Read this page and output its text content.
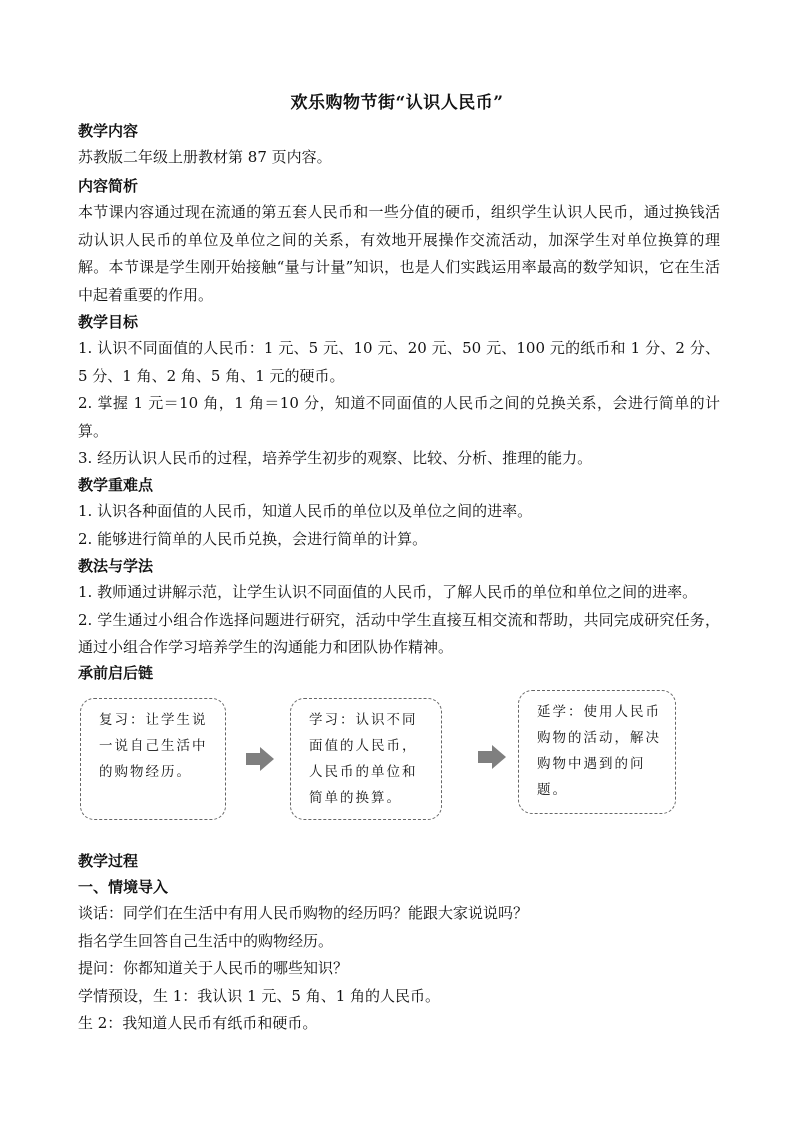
欢乐购物节街“认识人民币”
教学内容
苏教版二年级上册教材第 87 页内容。
内容简析
本节课内容通过现在流通的第五套人民币和一些分值的硬币，组织学生认识人民币，通过换钱活动认识人民币的单位及单位之间的关系，有效地开展操作交流活动，加深学生对单位换算的理解。本节课是学生刚开始接触“量与计量”知识，也是人们实践运用率最高的数学知识，它在生活中起着重要的作用。
教学目标
1. 认识不同面值的人民币：1 元、5 元、10 元、20 元、50 元、100 元的纸币和 1 分、2 分、5 分、1 角、2 角、5 角、1 元的硬币。
2. 掌握 1 元＝10 角，1 角＝10 分，知道不同面值的人民币之间的兑换关系，会进行简单的计算。
3. 经历认识人民币的过程，培养学生初步的观察、比较、分析、推理的能力。
教学重难点
1. 认识各种面值的人民币，知道人民币的单位以及单位之间的进率。
2. 能够进行简单的人民币兑换，会进行简单的计算。
教法与学法
1. 教师通过讲解示范，让学生认识不同面值的人民币，了解人民币的单位和单位之间的进率。
2. 学生通过小组合作选择问题进行研究，活动中学生直接互相交流和帮助，共同完成研究任务，通过小组合作学习培养学生的沟通能力和团队协作精神。
承前启后链
复习：让学生说一说自己生活中的购物经历。
学习：认识不同面值的人民币，人民币的单位和简单的换算。
延学：使用人民币购物的活动，解决购物中遇到的问题。
教学过程
一、情境导入
谈话：同学们在生活中有用人民币购物的经历吗？能跟大家说说吗？
指名学生回答自己生活中的购物经历。
提问：你都知道关于人民币的哪些知识？
学情预设，生 1：我认识 1 元、5 角、1 角的人民币。
生 2：我知道人民币有纸币和硬币。
